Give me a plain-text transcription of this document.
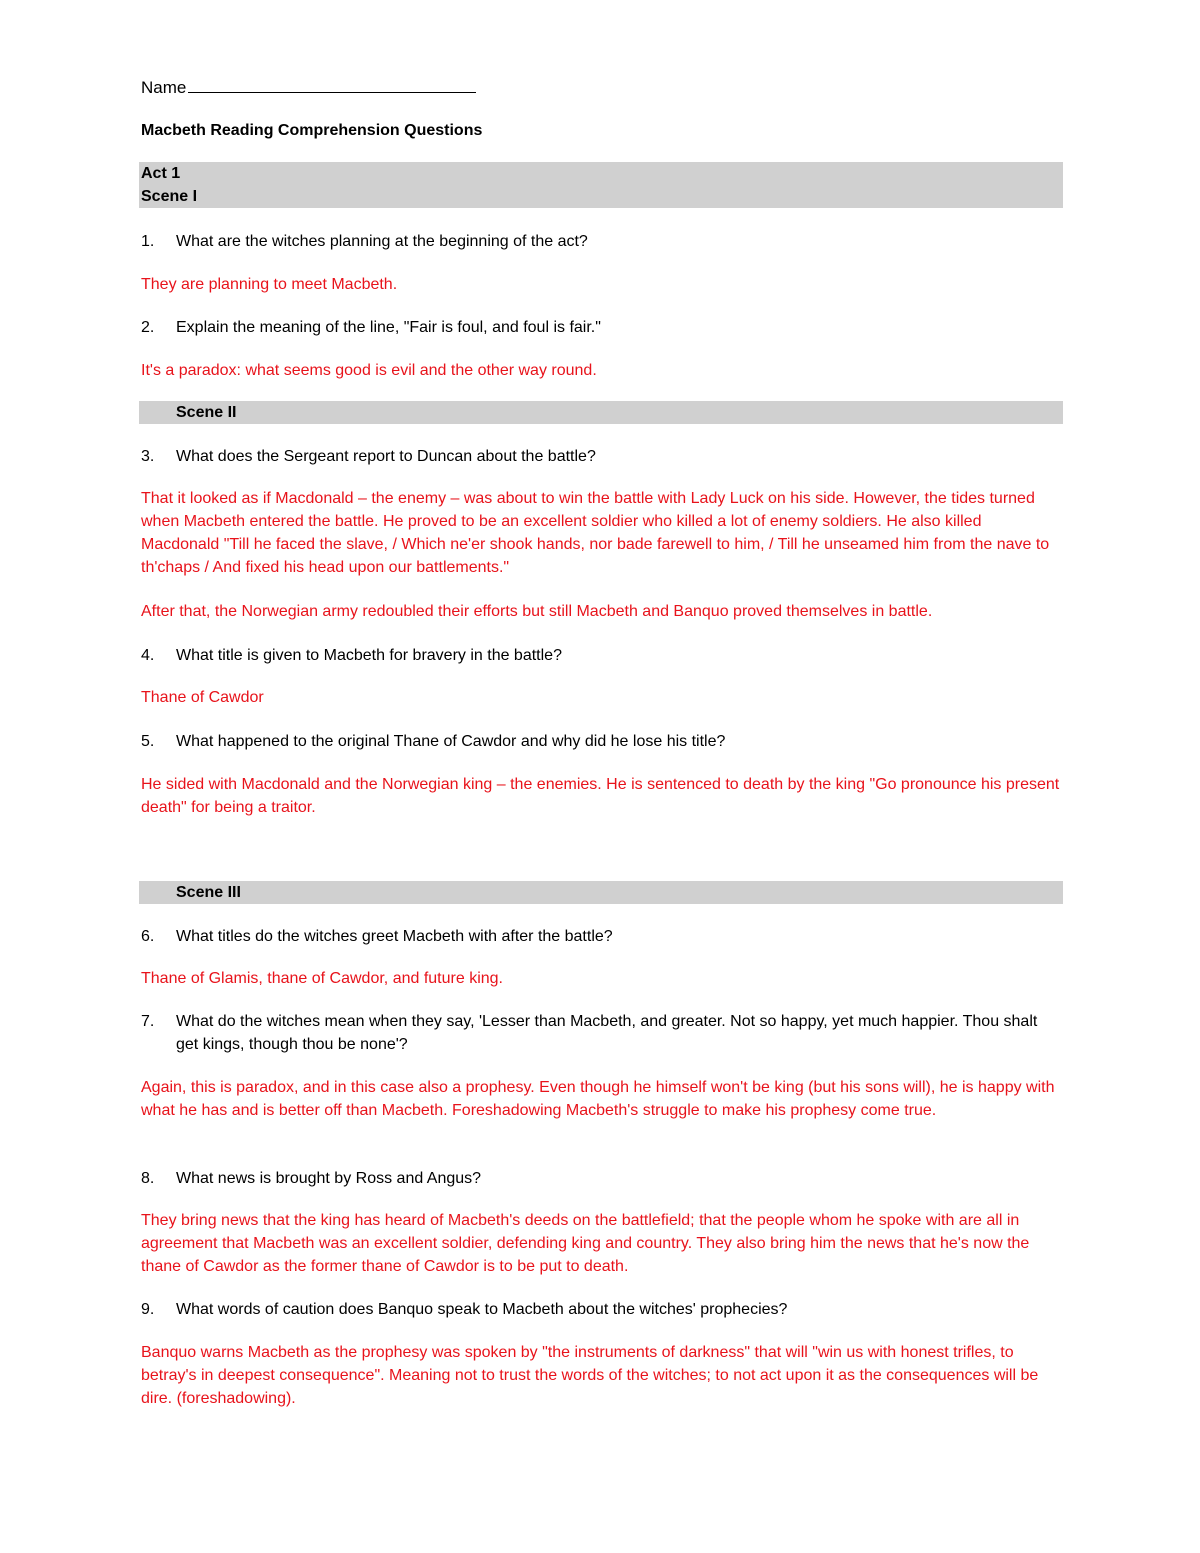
Name
Macbeth Reading Comprehension Questions
Act 1
Scene I
1. What are the witches planning at the beginning of the act?
They are planning to meet Macbeth.
2. Explain the meaning of the line, "Fair is foul, and foul is fair."
It's a paradox: what seems good is evil and the other way round.
Scene II
3. What does the Sergeant report to Duncan about the battle?
That it looked as if Macdonald – the enemy – was about to win the battle with Lady Luck on his side. However, the tides turned when Macbeth entered the battle. He proved to be an excellent soldier who killed a lot of enemy soldiers. He also killed Macdonald "Till he faced the slave, / Which ne'er shook hands, nor bade farewell to him, / Till he unseamed him from the nave to th'chaps / And fixed his head upon our battlements."
After that, the Norwegian army redoubled their efforts but still Macbeth and Banquo proved themselves in battle.
4. What title is given to Macbeth for bravery in the battle?
Thane of Cawdor
5. What happened to the original Thane of Cawdor and why did he lose his title?
He sided with Macdonald and the Norwegian king – the enemies. He is sentenced to death by the king "Go pronounce his present death" for being a traitor.
Scene III
6. What titles do the witches greet Macbeth with after the battle?
Thane of Glamis, thane of Cawdor, and future king.
7. What do the witches mean when they say, 'Lesser than Macbeth, and greater. Not so happy, yet much happier. Thou shalt get kings, though thou be none'?
Again, this is paradox, and in this case also a prophesy. Even though he himself won't be king (but his sons will), he is happy with what he has and is better off than Macbeth. Foreshadowing Macbeth's struggle to make his prophesy come true.
8. What news is brought by Ross and Angus?
They bring news that the king has heard of Macbeth's deeds on the battlefield; that the people whom he spoke with are all in agreement that Macbeth was an excellent soldier, defending king and country. They also bring him the news that he's now the thane of Cawdor as the former thane of Cawdor is to be put to death.
9. What words of caution does Banquo speak to Macbeth about the witches' prophecies?
Banquo warns Macbeth as the prophesy was spoken by "the instruments of darkness" that will "win us with honest trifles, to betray's in deepest consequence". Meaning not to trust the words of the witches; to not act upon it as the consequences will be dire. (foreshadowing).
